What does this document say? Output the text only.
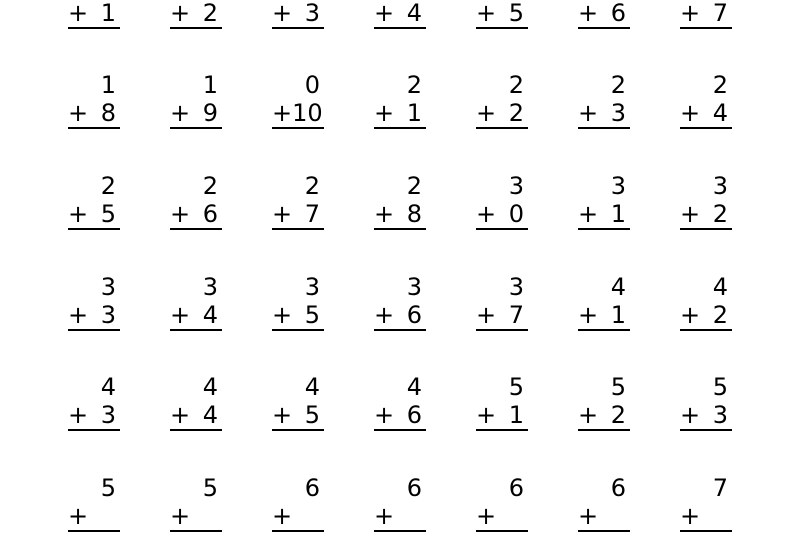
+ 1 + 2 + 3 + 4 + 5 + 6 + 7
1
+ 8
1
+ 9
0
+ 10
2
+ 1
2
+ 2
2
+ 3
2
+ 4
2
+ 5
2
+ 6
2
+ 7
2
+ 8
3
+ 0
3
+ 1
3
+ 2
3
+ 3
3
+ 4
3
+ 5
3
+ 6
3
+ 7
4
+ 1
4
+ 2
4
+ 3
4
+ 4
4
+ 5
4
+ 6
5
+ 1
5
+ 2
5
+ 3
5
+
5
+
6
+
6
+
6
+
6
+
7
+
